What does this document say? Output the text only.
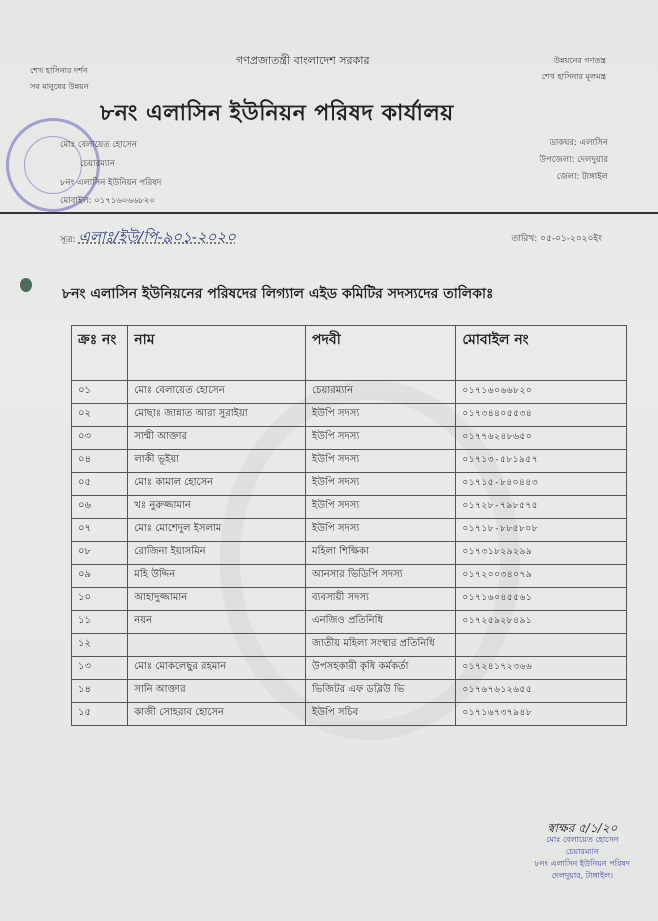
গণপ্রজাতন্ত্রী বাংলাদেশ সরকার
শেখ হাসিনার দর্শন
সব মানুষের উন্নয়ন
উন্নয়নের গণতন্ত্র
শেখ হাসিনার মূলমন্ত্র
৮নং এলাসিন ইউনিয়ন পরিষদ কার্যালয়
মোঃ বেলায়েত হোসেন
চেয়ারম্যান
৮নং এলাসিন ইউনিয়ন পরিষদ
মোবাইল: ০১৭১৬০৬৬৮২০
ডাকঘর: এলাসিন
উপজেলা: দেলদুয়ার
জেলা: টাঙ্গাইল
সূত্র: এলাঃ/ইউ/পি-৯০১-২০২০	তারিখ: ০৫-০১-২০২০ইং
৮নং এলাসিন ইউনিয়নের পরিষদের লিগ্যাল এইড কমিটির সদস্যদের তালিকাঃ
ক্রঃ নং	নাম	পদবী	মোবাইল নং
০১	মোঃ বেলায়েত হোসেন	চেয়ারম্যান	০১৭১৬০৬৬৮২০
০২	মোছাঃ জান্নাত আরা সুরাইয়া	ইউপি সদস্য	০১৭৩৪৪০৫৫৩৪
০৩	সাম্মী আক্তার	ইউপি সদস্য	০১৭৭৬২৪৮৬৫০
০৪	লাকী ভূইয়া	ইউপি সদস্য	০১৭১৩-৫৮১৯৫৭
০৫	মোঃ কামাল হোসেন	ইউপি সদস্য	০১৭১৫-৮৪০৪৪৩
০৬	খঃ নুরুজ্জামান	ইউপি সদস্য	০১৭২৮-৭৯৮৫৭৫
০৭	মোঃ মোশেদুল ইসলাম	ইউপি সদস্য	০১৭১৮-৮৮৫৮০৮
০৮	রোজিনা ইয়াসমিন	মহিলা শিক্ষিকা	০১৭৩১৮২৯২৯৯
০৯	মহি উদ্দিন	আনসার ভিডিপি সদস্য	০১৭২০০৩৪০৭৯
১০	আহাদুজ্জামান	ব্যবসায়ী সদস্য	০১৭১৬০৪৫৫৬১
১১	নয়ন	এনজিও প্রতিনিধি	০১৭২৫৯২৮৪৯১
১২		জাতীয় মহিলা সংস্থার প্রতিনিধি	
১৩	মোঃ মোকলেছুর রহমান	উপসহকারী কৃষি কর্মকর্তা	০১৭২৪১৭২৩৬৬
১৪	সানি আক্তার	ভিজিটর এফ ডব্লিউ ভি	০১৭৬৭৬১২৬৫৫
১৫	কাজী সোহরাব হোসেন	ইউপি সচিব	০১৭১৬৭৩৭৯৪৮
স্বাক্ষর ৫/১/২০
মোঃ বেলায়েত হোসেন
চেয়ারম্যান
৮নং এলাসিন ইউনিয়ন পরিষদ
দেলদুয়ার, টাঙ্গাইল।
